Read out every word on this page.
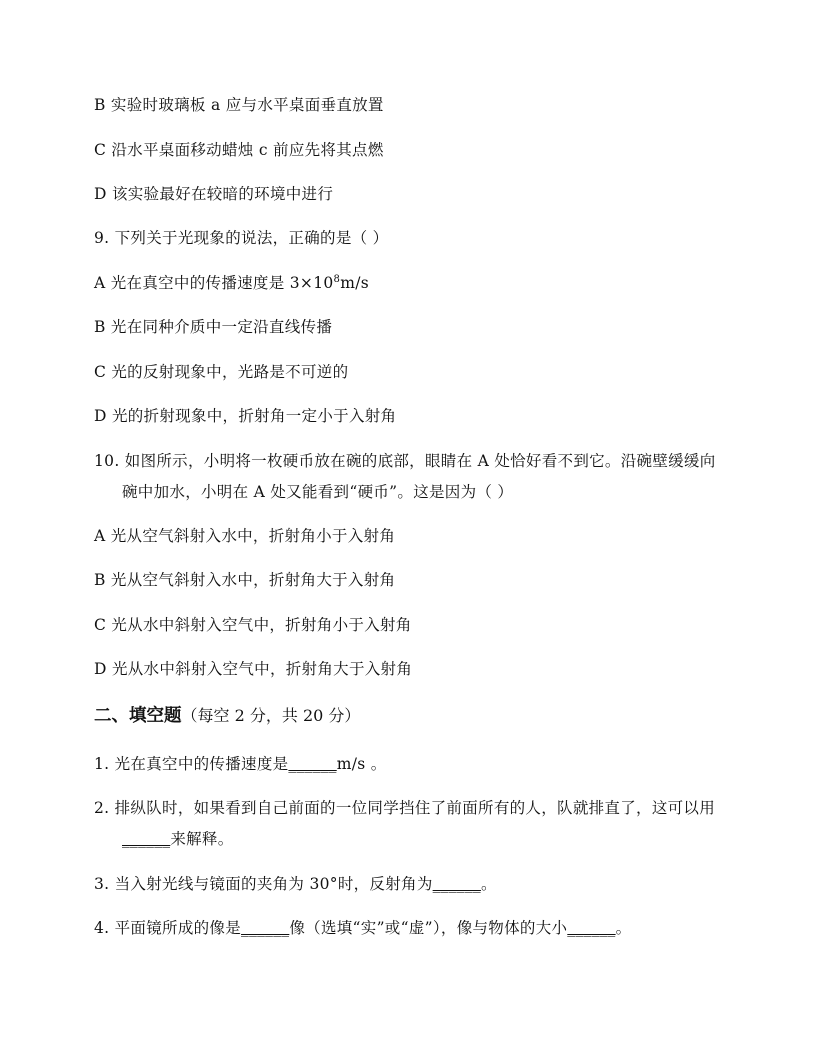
B 实验时玻璃板 a 应与水平桌面垂直放置
C 沿水平桌面移动蜡烛 c 前应先将其点燃
D 该实验最好在较暗的环境中进行
9. 下列关于光现象的说法，正确的是（ ）
A 光在真空中的传播速度是 $3\times 10^8m/s$
B 光在同种介质中一定沿直线传播
C 光的反射现象中，光路是不可逆的
D 光的折射现象中，折射角一定小于入射角
10. 如图所示，小明将一枚硬币放在碗的底部，眼睛在 A 处恰好看不到它。沿碗壁缓缓向
碗中加水，小明在 A 处又能看到“硬币”。这是因为（ ）
A 光从空气斜射入水中，折射角小于入射角
B 光从空气斜射入水中，折射角大于入射角
C 光从水中斜射入空气中，折射角小于入射角
D 光从水中斜射入空气中，折射角大于入射角
二、填空题（每空 2 分，共 20 分）
1. 光在真空中的传播速度是______m/s 。
2. 排纵队时，如果看到自己前面的一位同学挡住了前面所有的人，队就排直了，这可以用
______来解释。
3. 当入射光线与镜面的夹角为 30°时，反射角为______。
4. 平面镜所成的像是______像（选填“实”或“虚”），像与物体的大小______。
